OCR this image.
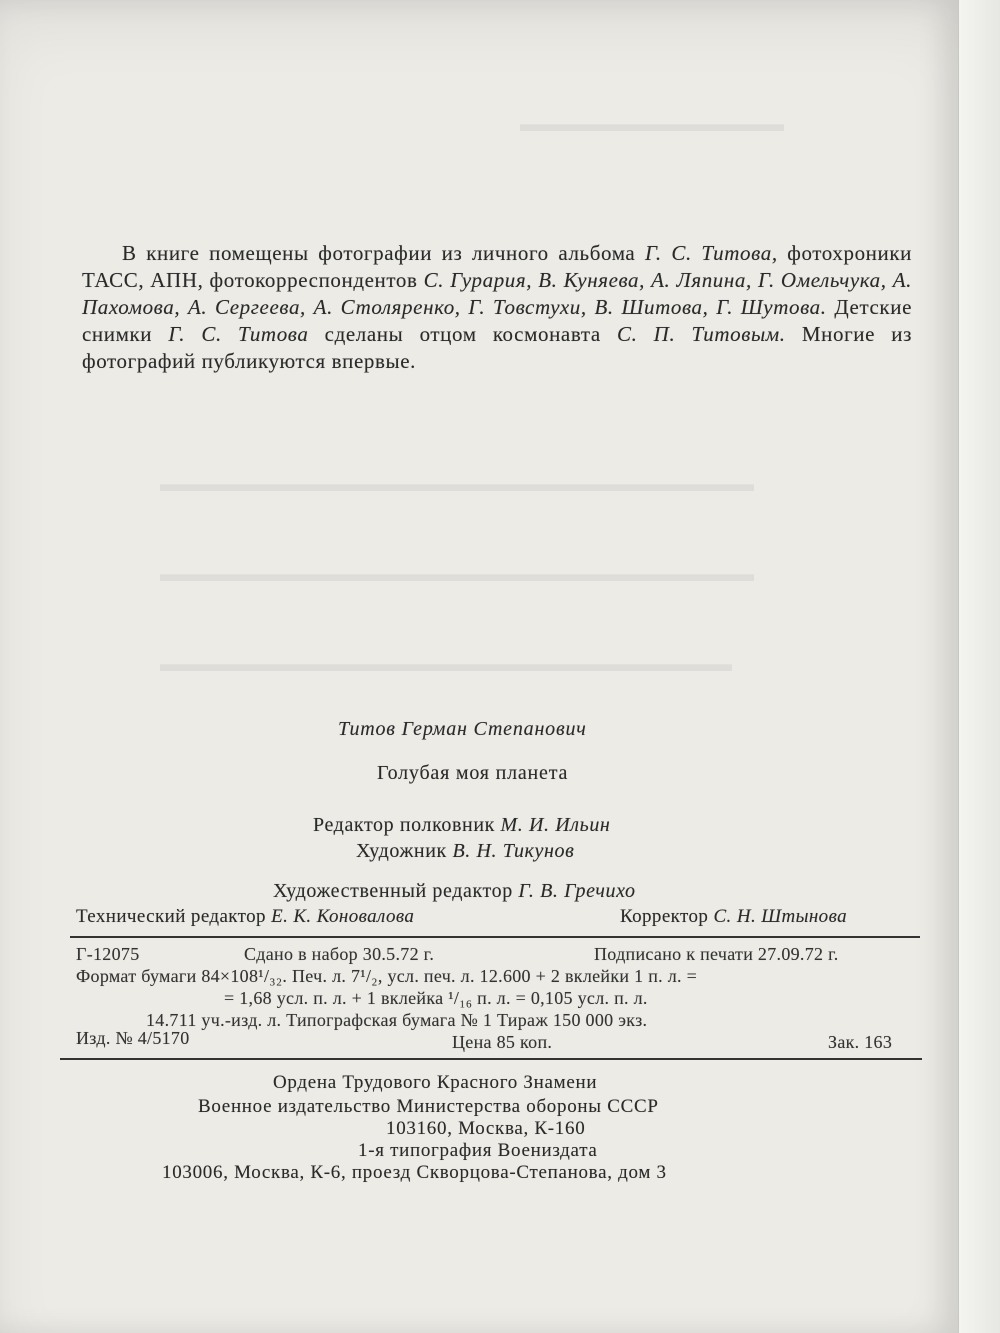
▬▬▬▬▬▬▬▬▬▬▬▬
▬▬▬▬▬▬▬▬▬▬▬▬▬▬▬▬▬▬▬▬▬▬▬▬▬▬▬
▬▬▬▬▬▬▬▬▬▬▬▬▬▬▬▬▬▬▬▬▬▬▬▬▬▬▬
▬▬▬▬▬▬▬▬▬▬▬▬▬▬▬▬▬▬▬▬▬▬▬▬▬▬
В книге помещены фотографии из личного альбома Г. С. Титова, фотохроники ТАСС, АПН, фотокорреспондентов С. Гурария, В. Куняева, А. Ляпина, Г. Омельчука, А. Пахомова, А. Сергеева, А. Столяренко, Г. Товстухи, В. Шитова, Г. Шутова. Детские снимки Г. С. Титова сделаны отцом космонавта С. П. Титовым. Многие из фотографий публикуются впервые.
Титов Герман Степанович
Голубая моя планета
Редактор полковник М. И. Ильин
Художник В. Н. Тикунов
Художественный редактор Г. В. Гречихо
Технический редактор Е. К. Коновалова	Корректор С. Н. Штынова
Г-12075	Сдано в набор 30.5.72 г.	Подписано к печати 27.09.72 г.
Формат бумаги 84×108¹/₃₂. Печ. л. 7¹/₂, усл. печ. л. 12.600 + 2 вклейки 1 п. л. =
= 1,68 усл. п. л. + 1 вклейка ¹/₁₆ п. л. = 0,105 усл. п. л.
14.711 уч.-изд. л. Типографская бумага № 1 Тираж 150 000 экз.
Изд. № 4/5170	Цена 85 коп.	Зак. 163
Ордена Трудового Красного Знамени
Военное издательство Министерства обороны СССР
103160, Москва, К-160
1-я типография Воениздата
103006, Москва, К-6, проезд Скворцова-Степанова, дом 3
